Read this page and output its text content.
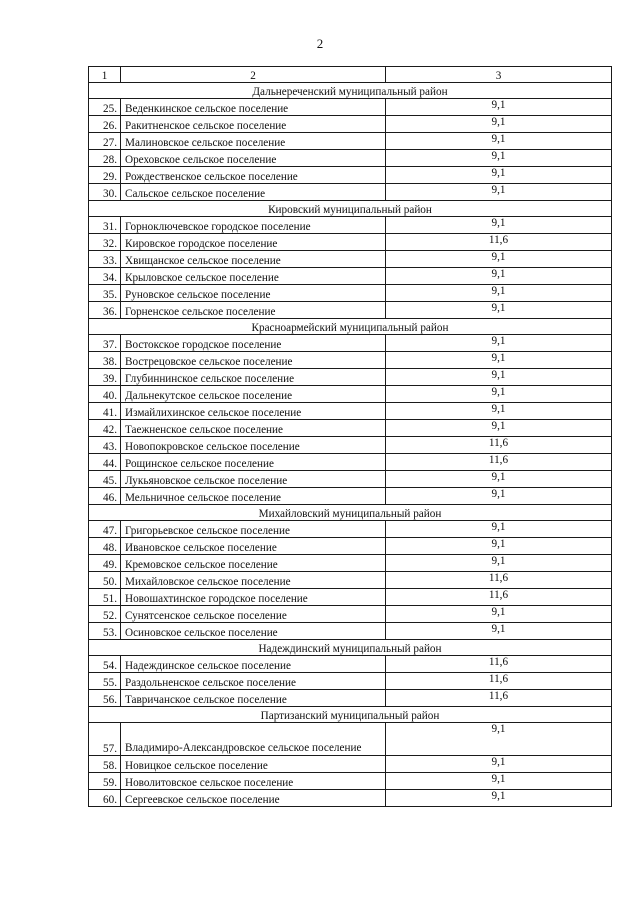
2
1	2	3
Дальнереченский муниципальный район		
25.	Веденкинское сельское поселение	9,1
26.	Ракитненское сельское поселение	9,1
27.	Малиновское сельское поселение	9,1
28.	Ореховское сельское поселение	9,1
29.	Рождественское сельское поселение	9,1
30.	Сальское сельское поселение	9,1
Кировский муниципальный район		
31.	Горноключевское городское поселение	9,1
32.	Кировское городское поселение	11,6
33.	Хвищанское сельское поселение	9,1
34.	Крыловское сельское поселение	9,1
35.	Руновское сельское поселение	9,1
36.	Горненское сельское поселение	9,1
Красноармейский муниципальный район		
37.	Востокское городское поселение	9,1
38.	Вострецовское сельское поселение	9,1
39.	Глубиннинское сельское поселение	9,1
40.	Дальнекутское сельское поселение	9,1
41.	Измайлихинское сельское поселение	9,1
42.	Таежненское сельское поселение	9,1
43.	Новопокровское сельское поселение	11,6
44.	Рощинское сельское поселение	11,6
45.	Лукьяновское сельское поселение	9,1
46.	Мельничное сельское поселение	9,1
Михайловский муниципальный район		
47.	Григорьевское сельское поселение	9,1
48.	Ивановское сельское поселение	9,1
49.	Кремовское сельское поселение	9,1
50.	Михайловское сельское поселение	11,6
51.	Новошахтинское городское поселение	11,6
52.	Сунятсенское сельское поселение	9,1
53.	Осиновское сельское поселение	9,1
Надеждинский муниципальный район		
54.	Надеждинское сельское поселение	11,6
55.	Раздольненское сельское поселение	11,6
56.	Тавричанское сельское поселение	11,6
Партизанский муниципальный район		
57.	Владимиро-Александровское сельское поселение	9,1
58.	Новицкое сельское поселение	9,1
59.	Новолитовское сельское поселение	9,1
60.	Сергеевское сельское поселение	9,1
